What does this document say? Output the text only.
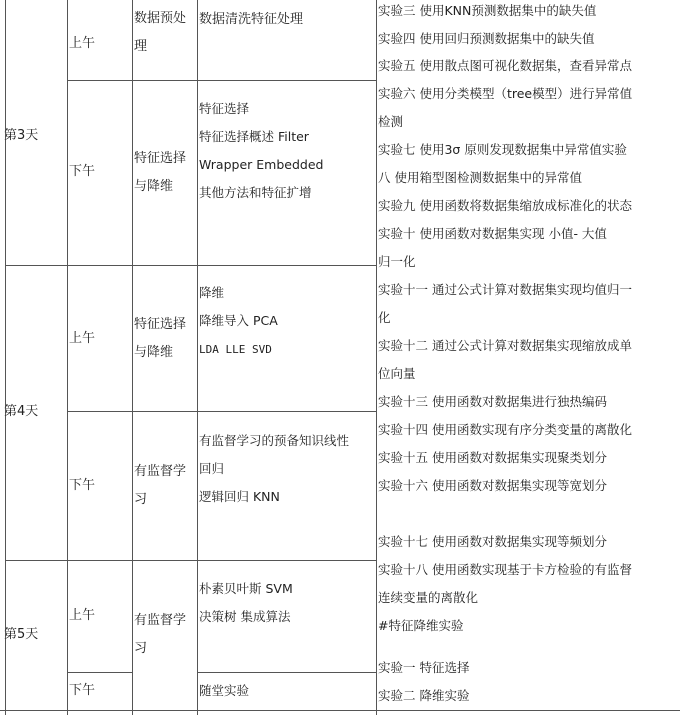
第3天
第4天
第5天
上午
下午
上午
下午
上午
下午
数据预处
理
特征选择
与降维
特征选择
与降维
有监督学
习
有监督学
习
数据清洗特征处理
特征选择
特征选择概述 Filter
Wrapper Embedded
其他方法和特征扩增
降维
降维导入 PCA
LDA LLE SVD
有监督学习的预备知识线性
回归
逻辑回归 KNN
朴素贝叶斯 SVM
决策树 集成算法
随堂实验
实验三 使用KNN预测数据集中的缺失值
实验四 使用回归预测数据集中的缺失值
实验五 使用散点图可视化数据集，查看异常点
实验六 使用分类模型（tree模型）进行异常值
检测
实验七 使用3σ 原则发现数据集中异常值实验
八 使用箱型图检测数据集中的异常值
实验九 使用函数将数据集缩放成标准化的状态
实验十 使用函数对数据集实现 小值- 大值
归一化
实验十一 通过公式计算对数据集实现均值归一
化
实验十二 通过公式计算对数据集实现缩放成单
位向量
实验十三 使用函数对数据集进行独热编码
实验十四 使用函数实现有序分类变量的离散化
实验十五 使用函数对数据集实现聚类划分
实验十六 使用函数对数据集实现等宽划分
实验十七 使用函数对数据集实现等频划分
实验十八 使用函数实现基于卡方检验的有监督
连续变量的离散化
#特征降维实验
实验一 特征选择
实验二 降维实验
